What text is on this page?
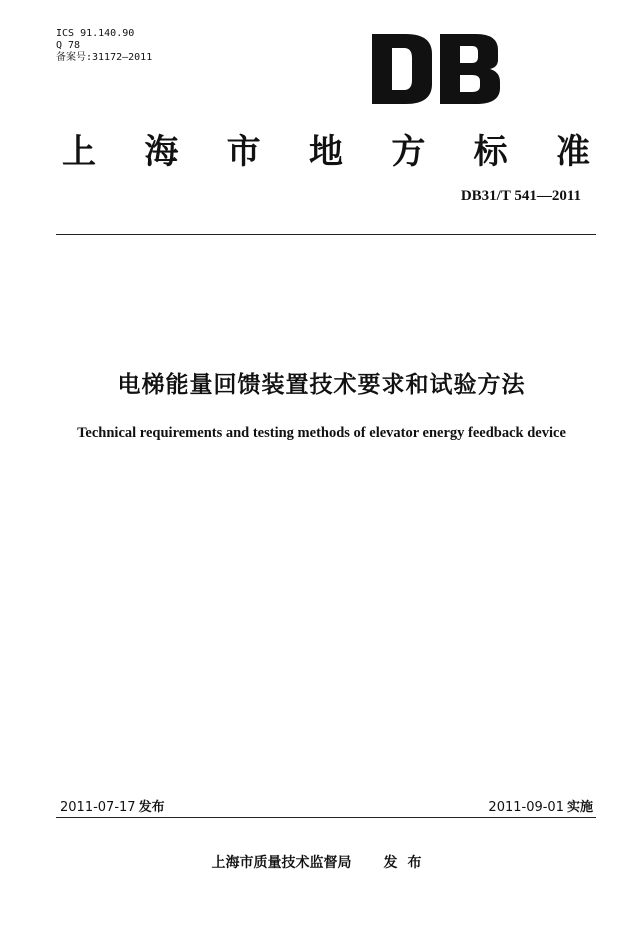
ICS 91.140.90
Q 78
备案号:31172—2011
上 海 市 地 方 标 准
DB31/T 541—2011
电梯能量回馈装置技术要求和试验方法
Technical requirements and testing methods of elevator energy feedback device
2011-07-17 发布	2011-09-01 实施
上海市质量技术监督局 发布
